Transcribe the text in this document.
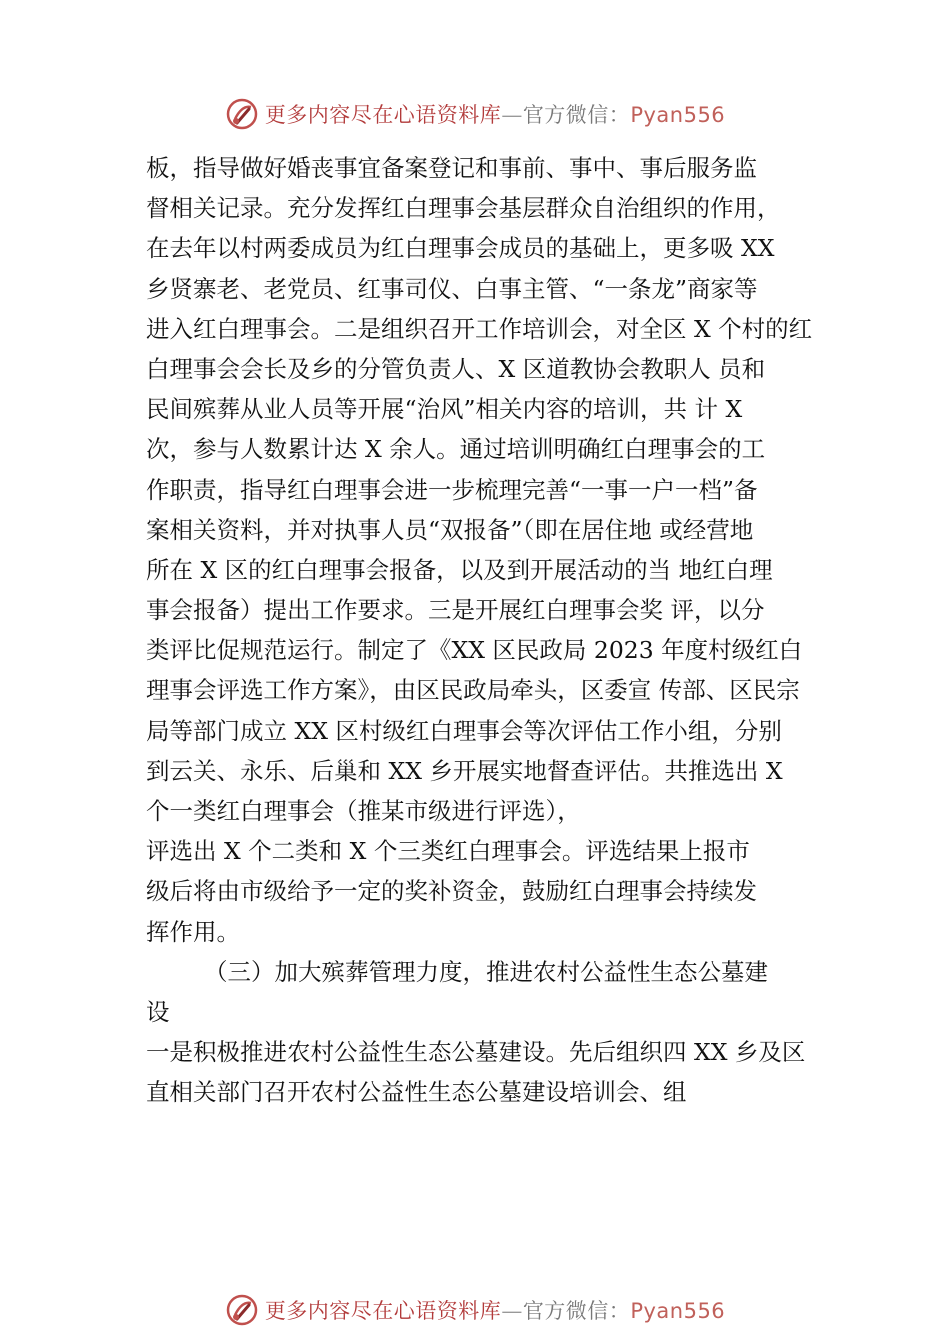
更多内容尽在心语资料库—官方微信：Pyan556
板，指导做好婚丧事宜备案登记和事前、事中、事后服务监
督相关记录。充分发挥红白理事会基层群众自治组织的作用，
在去年以村两委成员为红白理事会成员的基础上，更多吸 XX
乡贤寨老、老党员、红事司仪、白事主管、“一条龙”商家等
进入红白理事会。二是组织召开工作培训会，对全区 X 个村的红
白理事会会长及乡的分管负责人、X 区道教协会教职人 员和
民间殡葬从业人员等开展“治风”相关内容的培训，共 计 X
次，参与人数累计达 X 余人。通过培训明确红白理事会的工
作职责，指导红白理事会进一步梳理完善“一事一户一档”备
案相关资料，并对执事人员“双报备”（即在居住地 或经营地
所在 X 区的红白理事会报备，以及到开展活动的当 地红白理
事会报备）提出工作要求。三是开展红白理事会奖 评，以分
类评比促规范运行。制定了《XX 区民政局 2023 年度村级红白
理事会评选工作方案》，由区民政局牵头，区委宣 传部、区民宗
局等部门成立 XX 区村级红白理事会等次评估工作小组，分别
到云关、永乐、后巢和 XX 乡开展实地督查评估。共推选出 X
个一类红白理事会（推某市级进行评选），
评选出 X 个二类和 X 个三类红白理事会。评选结果上报市
级后将由市级给予一定的奖补资金，鼓励红白理事会持续发
挥作用。
（三）加大殡葬管理力度，推进农村公益性生态公墓建
设
一是积极推进农村公益性生态公墓建设。先后组织四 XX 乡及区
直相关部门召开农村公益性生态公墓建设培训会、组
更多内容尽在心语资料库—官方微信：Pyan556
